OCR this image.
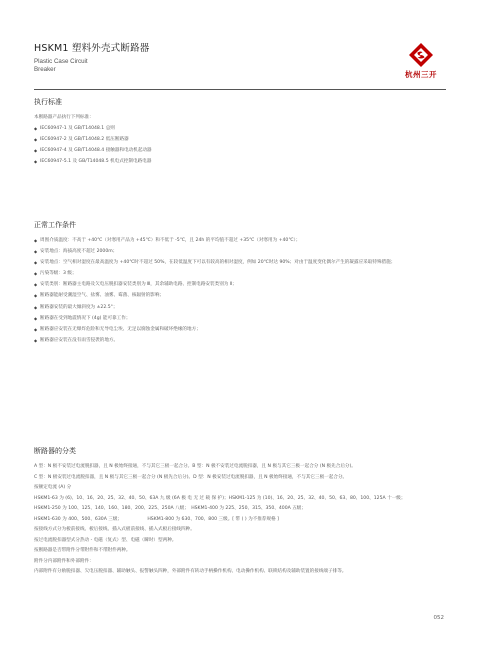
HSKM1 塑料外壳式断路器
Plastic Case Circuit
Breaker
杭州三开
执行标准
本断路器产品执行下列标准：
◆ IEC60947-1 及 GB/T14048.1 总则
◆ IEC60947-2 及 GB/T14048.2 低压断路器
◆ IEC60947-4 及 GB/T14048.4 接触器和电动机起动器
◆ IEC60947-5.1 及 GB/T14048.5 机电式控制电路电器
正常工作条件
◆ 周围介质温度：不高于 +40℃（对寒用产品为 +45℃）和不低于 -5℃，且 24h 的平均值不超过 +35℃（对寒用为 +40℃）；
◆ 安装地点：海拔高度不超过 2000m；
◆ 安装地点：空气相对湿度在最高温度为 +40℃时不超过 50%，在较低温度下可以有较高的相对湿度，例如 20℃时达 90%；对由于温度变化偶尔产生的凝露应采取特殊措施；
◆ 污染等级：3 级；
◆ 安装类别：断路器主电路及欠电压脱扣器安装类别为 Ⅲ，其余辅助电路、控制电路安装类别为 Ⅱ；
◆ 断路器能耐受潮湿空气、盐雾、油雾、霉菌、核辐射的影响；
◆ 断路器安装的最大倾斜度为 ±22.5°；
◆ 断路器在受到地震情况下 (4g) 能可靠工作；
◆ 断路器应安装在无爆炸危险和无导电尘埃、无足以腐蚀金属和破坏绝缘的地方；
◆ 断路器应安装在没有雨雪侵袭的地方。
断路器的分类
A 型：N 极不安装过电流脱扣器，且 N 极始终接通，不与其它三极一起合分。B 型：N 极不安装过电流脱扣器，且 N 极与其它三极一起合分 (N 极先合后分)。
C 型：N 极安装过电流脱扣器，且 N 极与其它三极一起合分 (N 极先合后分)。D 型：N 极安装过电流脱扣器，且 N 极始终接通，不与其它三极一起合分。
按额定电流 (A) 分
HSKM1-63 为 (6)、10、16、20、25、32、40、50、63A 九 级 (6A 极 电 无 过 载 保 护)；HSKM1-125 为 (10)、16、20、25、32、40、50、63、80、100、125A 十一级；
HSKM1-250 为 100、125、140、160、180、200、225、250A 八级；　HSKM1-400 为 225、250、315、350、400A 五级；
HSKM1-630 为 400、500、630A 三级；　　　　　　HSKM1-800 为 630、700、800 三级。[ 带 ( ) 为不推荐规格 ]
按接线方式分为板前接线、板后接线、插入式板前接线、插入式板后接线四种。
按过电流脱扣器型式分热动 - 电磁（复式）型、电磁（瞬时）型两种。
按断路器是否带附件分带附件和不带附件两种。
附件分内部附件和外部附件：
内部附件有分励脱扣器、欠电压脱扣器、辅助触头、报警触头四种，外部附件有转动手柄操作机构、电动操作机构、联锁结构及辅助装置的接线端子排等。
052
